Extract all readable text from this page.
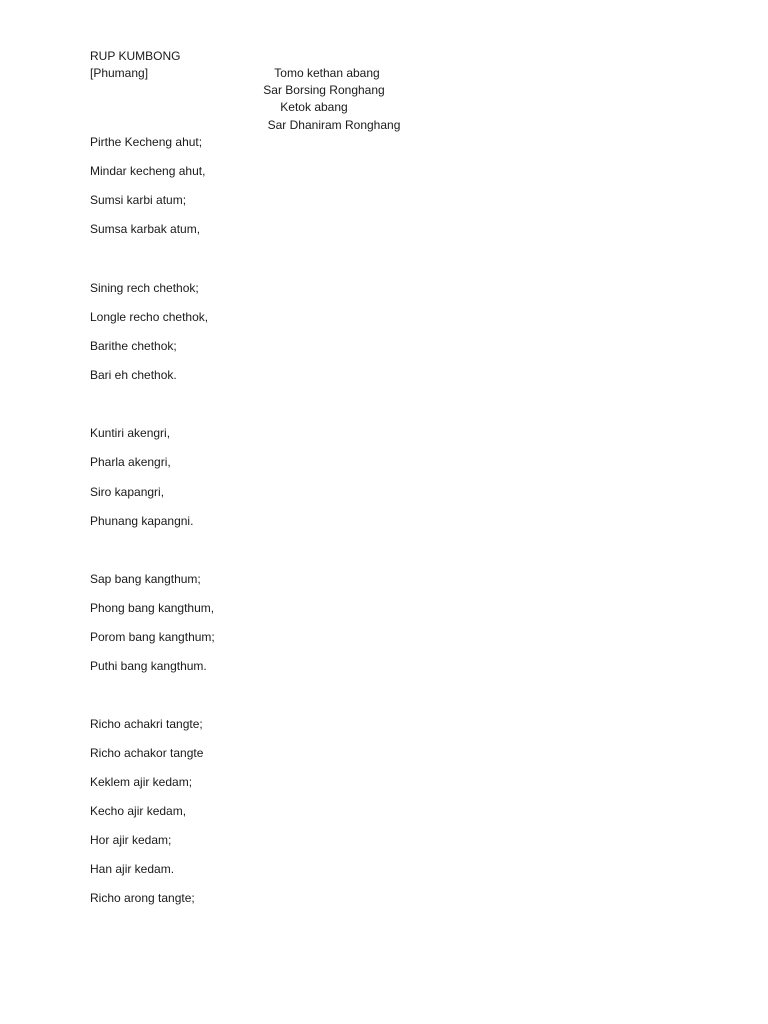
RUP KUMBONG
[Phumang]	Tomo kethan abang
Sar Borsing Ronghang
Ketok abang
Sar Dhaniram Ronghang
Pirthe Kecheng ahut;
Mindar kecheng ahut,
Sumsi karbi atum;
Sumsa karbak atum,
Sining rech chethok;
Longle recho chethok,
Barithe chethok;
Bari eh chethok.
Kuntiri akengri,
Pharla akengri,
Siro kapangri,
Phunang kapangni.
Sap bang kangthum;
Phong bang kangthum,
Porom bang kangthum;
Puthi bang kangthum.
Richo achakri tangte;
Richo achakor tangte
Keklem ajir kedam;
Kecho ajir kedam,
Hor ajir kedam;
Han ajir kedam.
Richo arong tangte;
